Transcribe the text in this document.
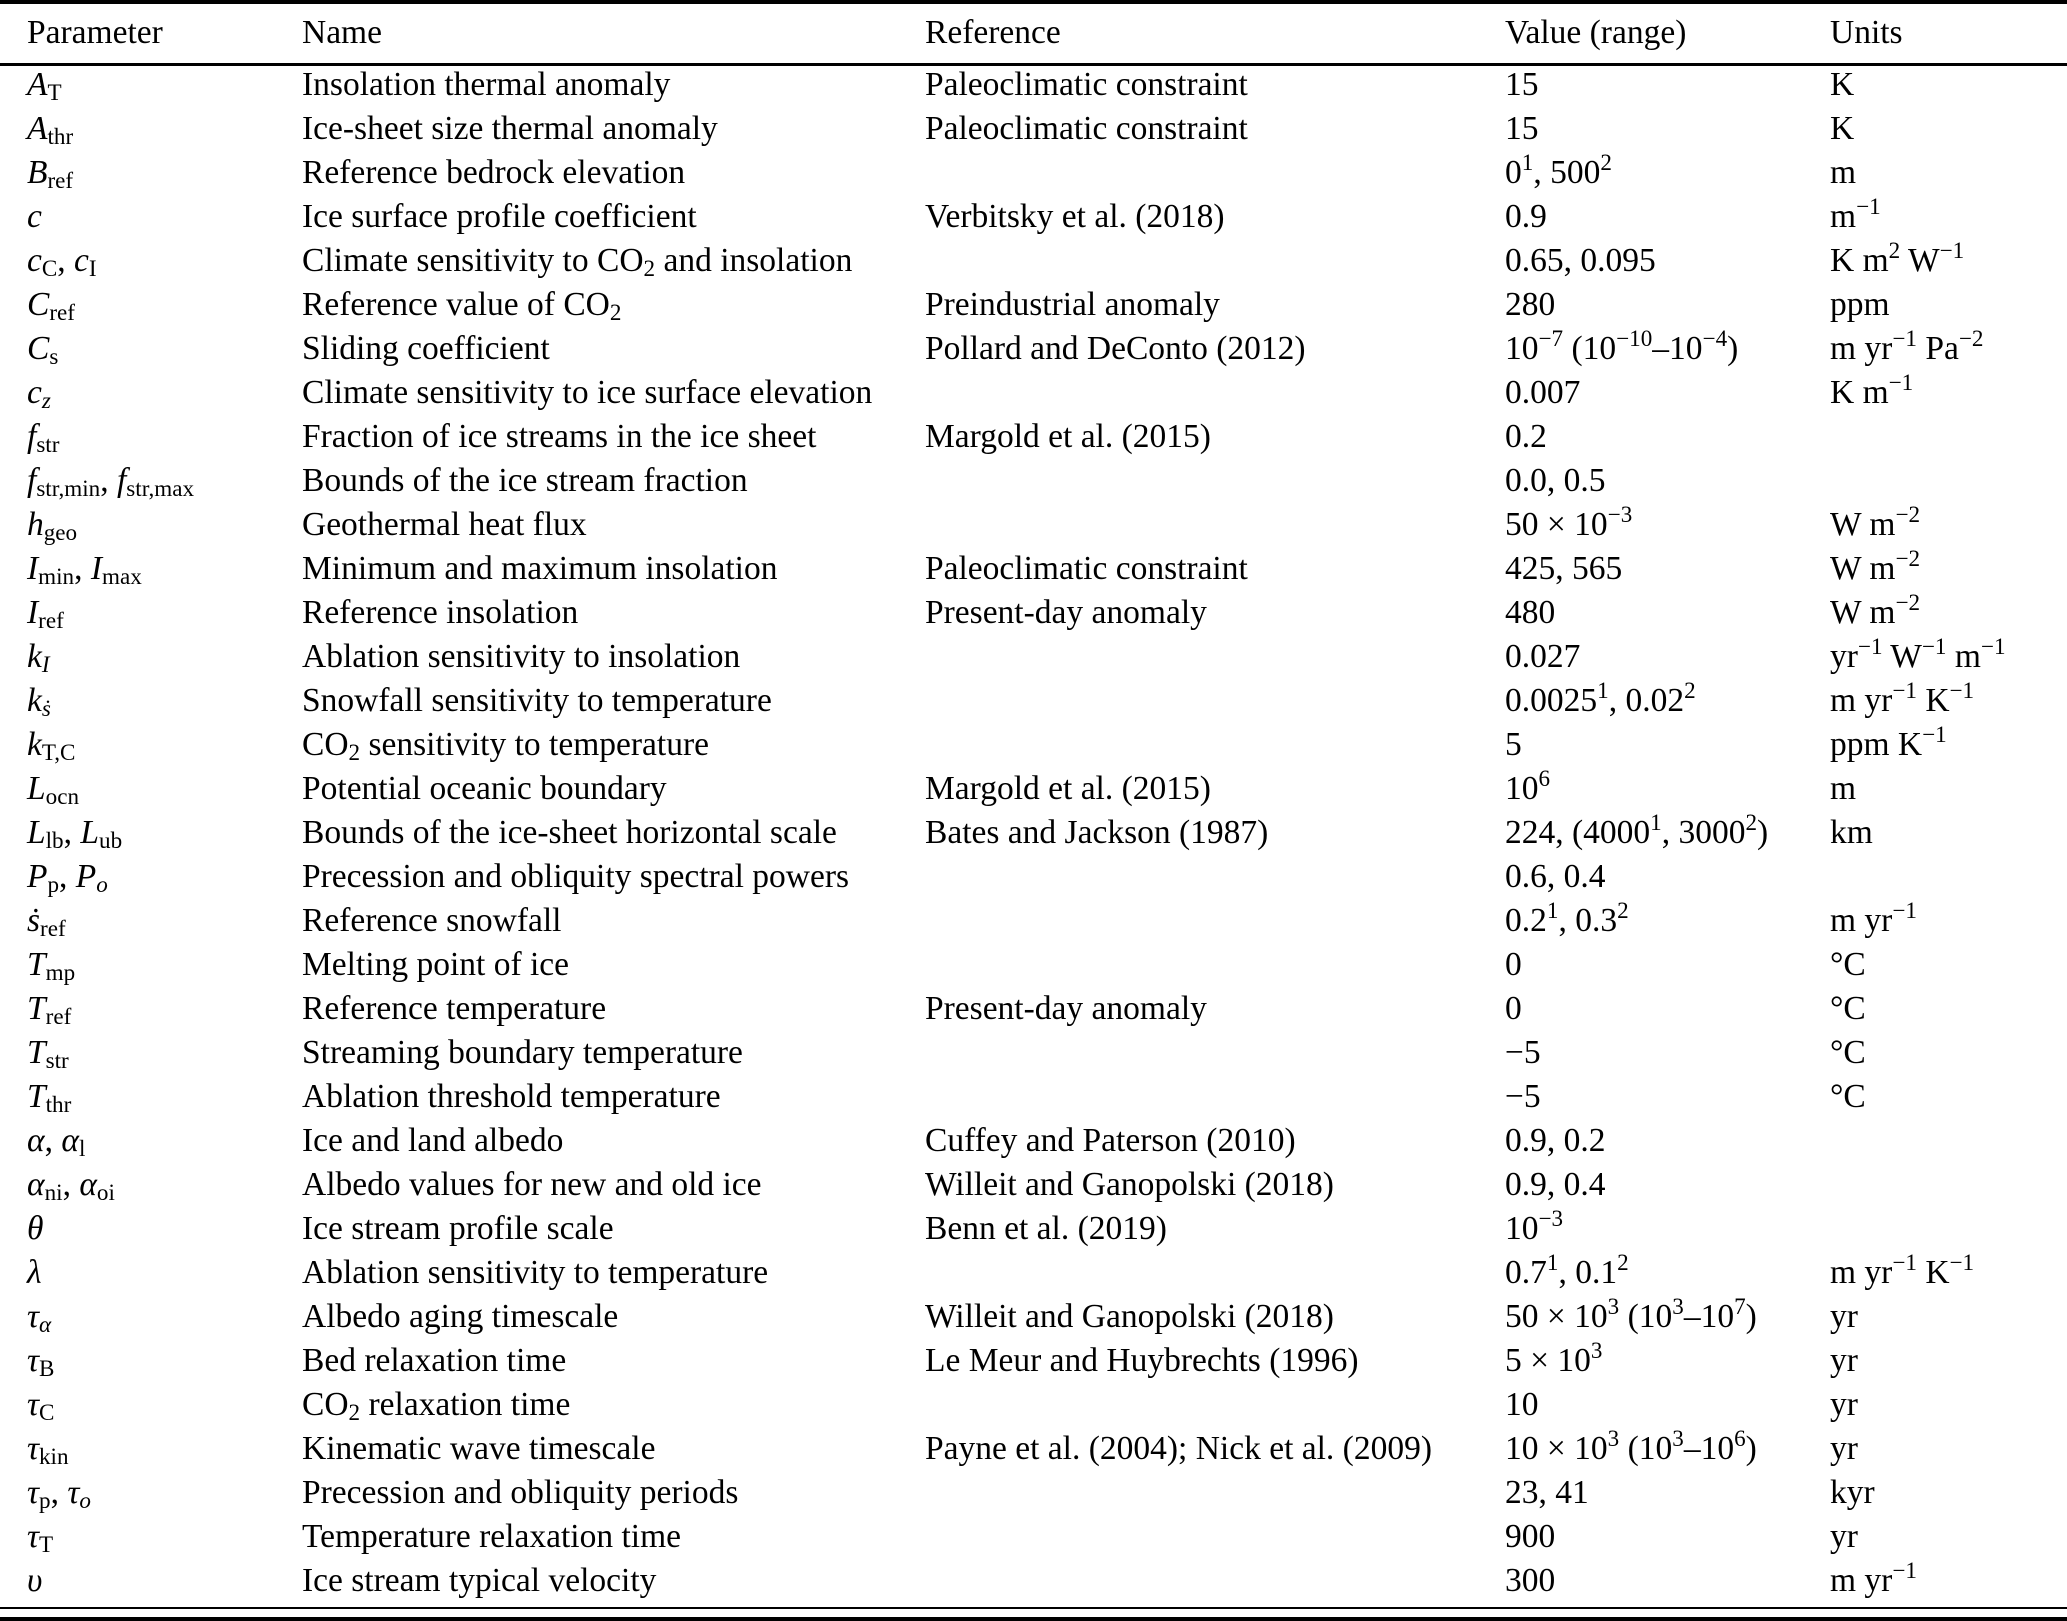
Parameter	Name	Reference	Value (range)	Units
$A_T$	Insolation thermal anomaly	Paleoclimatic constraint	15	K
$A_{thr}$	Ice-sheet size thermal anomaly	Paleoclimatic constraint	15	K
$B_{ref}$	Reference bedrock elevation		$0^1$, $500^2$	m
c	Ice surface profile coefficient	Verbitsky et al. (2018)	0.9	$m^{-1}$
$c_C$, $c_I$	Climate sensitivity to $CO_2$ and insolation		0.65, 0.095	K $m^2$ $W^{-1}$
$C_{ref}$	Reference value of $CO_2$	Preindustrial anomaly	280	ppm
$C_s$	Sliding coefficient	Pollard and DeConto (2012)	$10^{-7}$ $(10^{-10}-10^{-4})$	m $yr^{-1}$ $Pa^{-2}$
$c_z$	Climate sensitivity to ice surface elevation		0.007	K $m^{-1}$
$f_{str}$	Fraction of ice streams in the ice sheet	Margold et al. (2015)	0.2	
$f_{str,min}$, $f_{str,max}$	Bounds of the ice stream fraction		0.0, 0.5	
$h_{geo}$	Geothermal heat flux		$50 \times 10^{-3}$	W $m^{-2}$
$I_{min}$, $I_{max}$	Minimum and maximum insolation	Paleoclimatic constraint	425, 565	W $m^{-2}$
$I_{ref}$	Reference insolation	Present-day anomaly	480	W $m^{-2}$
$k_I$	Ablation sensitivity to insolation		0.027	$yr^{-1}$ $W^{-1}$ $m^{-1}$
$k_ṡ$	Snowfall sensitivity to temperature		0.0025$^1$, 0.02$^2$	m $yr^{-1}$ $K^{-1}$
$k_{T,C}$	$CO_2$ sensitivity to temperature		5	ppm $K^{-1}$
$L_{ocn}$	Potential oceanic boundary	Margold et al. (2015)	$10^6$	m
$L_{lb}$, $L_{ub}$	Bounds of the ice-sheet horizontal scale	Bates and Jackson (1987)	224, (4000$^1$, 3000$^2$)	km
$P_p$, $P_o$	Precession and obliquity spectral powers		0.6, 0.4	
ṡ$_{ref}$	Reference snowfall		$0.2^1$, $0.3^2$	m $yr^{-1}$
$T_{mp}$	Melting point of ice		0	°C
$T_{ref}$	Reference temperature	Present-day anomaly	0	°C
$T_{str}$	Streaming boundary temperature		−5	°C
$T_{thr}$	Ablation threshold temperature		−5	°C
α, $\alpha_l$	Ice and land albedo	Cuffey and Paterson (2010)	0.9, 0.2	
$\alpha_{ni}$, $\alpha_{oi}$	Albedo values for new and old ice	Willeit and Ganopolski (2018)	0.9, 0.4	
θ	Ice stream profile scale	Benn et al. (2019)	$10^{-3}$	
λ	Ablation sensitivity to temperature		$0.7^1$, $0.1^2$	m $yr^{-1}$ $K^{-1}$
$\tau_\alpha$	Albedo aging timescale	Willeit and Ganopolski (2018)	$50 \times 10^3$ $(10^3-10^7)$	yr
$\tau_B$	Bed relaxation time	Le Meur and Huybrechts (1996)	$5 \times 10^3$	yr
$\tau_C$	$CO_2$ relaxation time		10	yr
$\tau_{kin}$	Kinematic wave timescale	Payne et al. (2004); Nick et al. (2009)	$10 \times 10^3$ $(10^3-10^6)$	yr
$\tau_p$, $\tau_o$	Precession and obliquity periods		23, 41	kyr
$\tau_T$	Temperature relaxation time		900	yr
υ	Ice stream typical velocity		300	m $yr^{-1}$
